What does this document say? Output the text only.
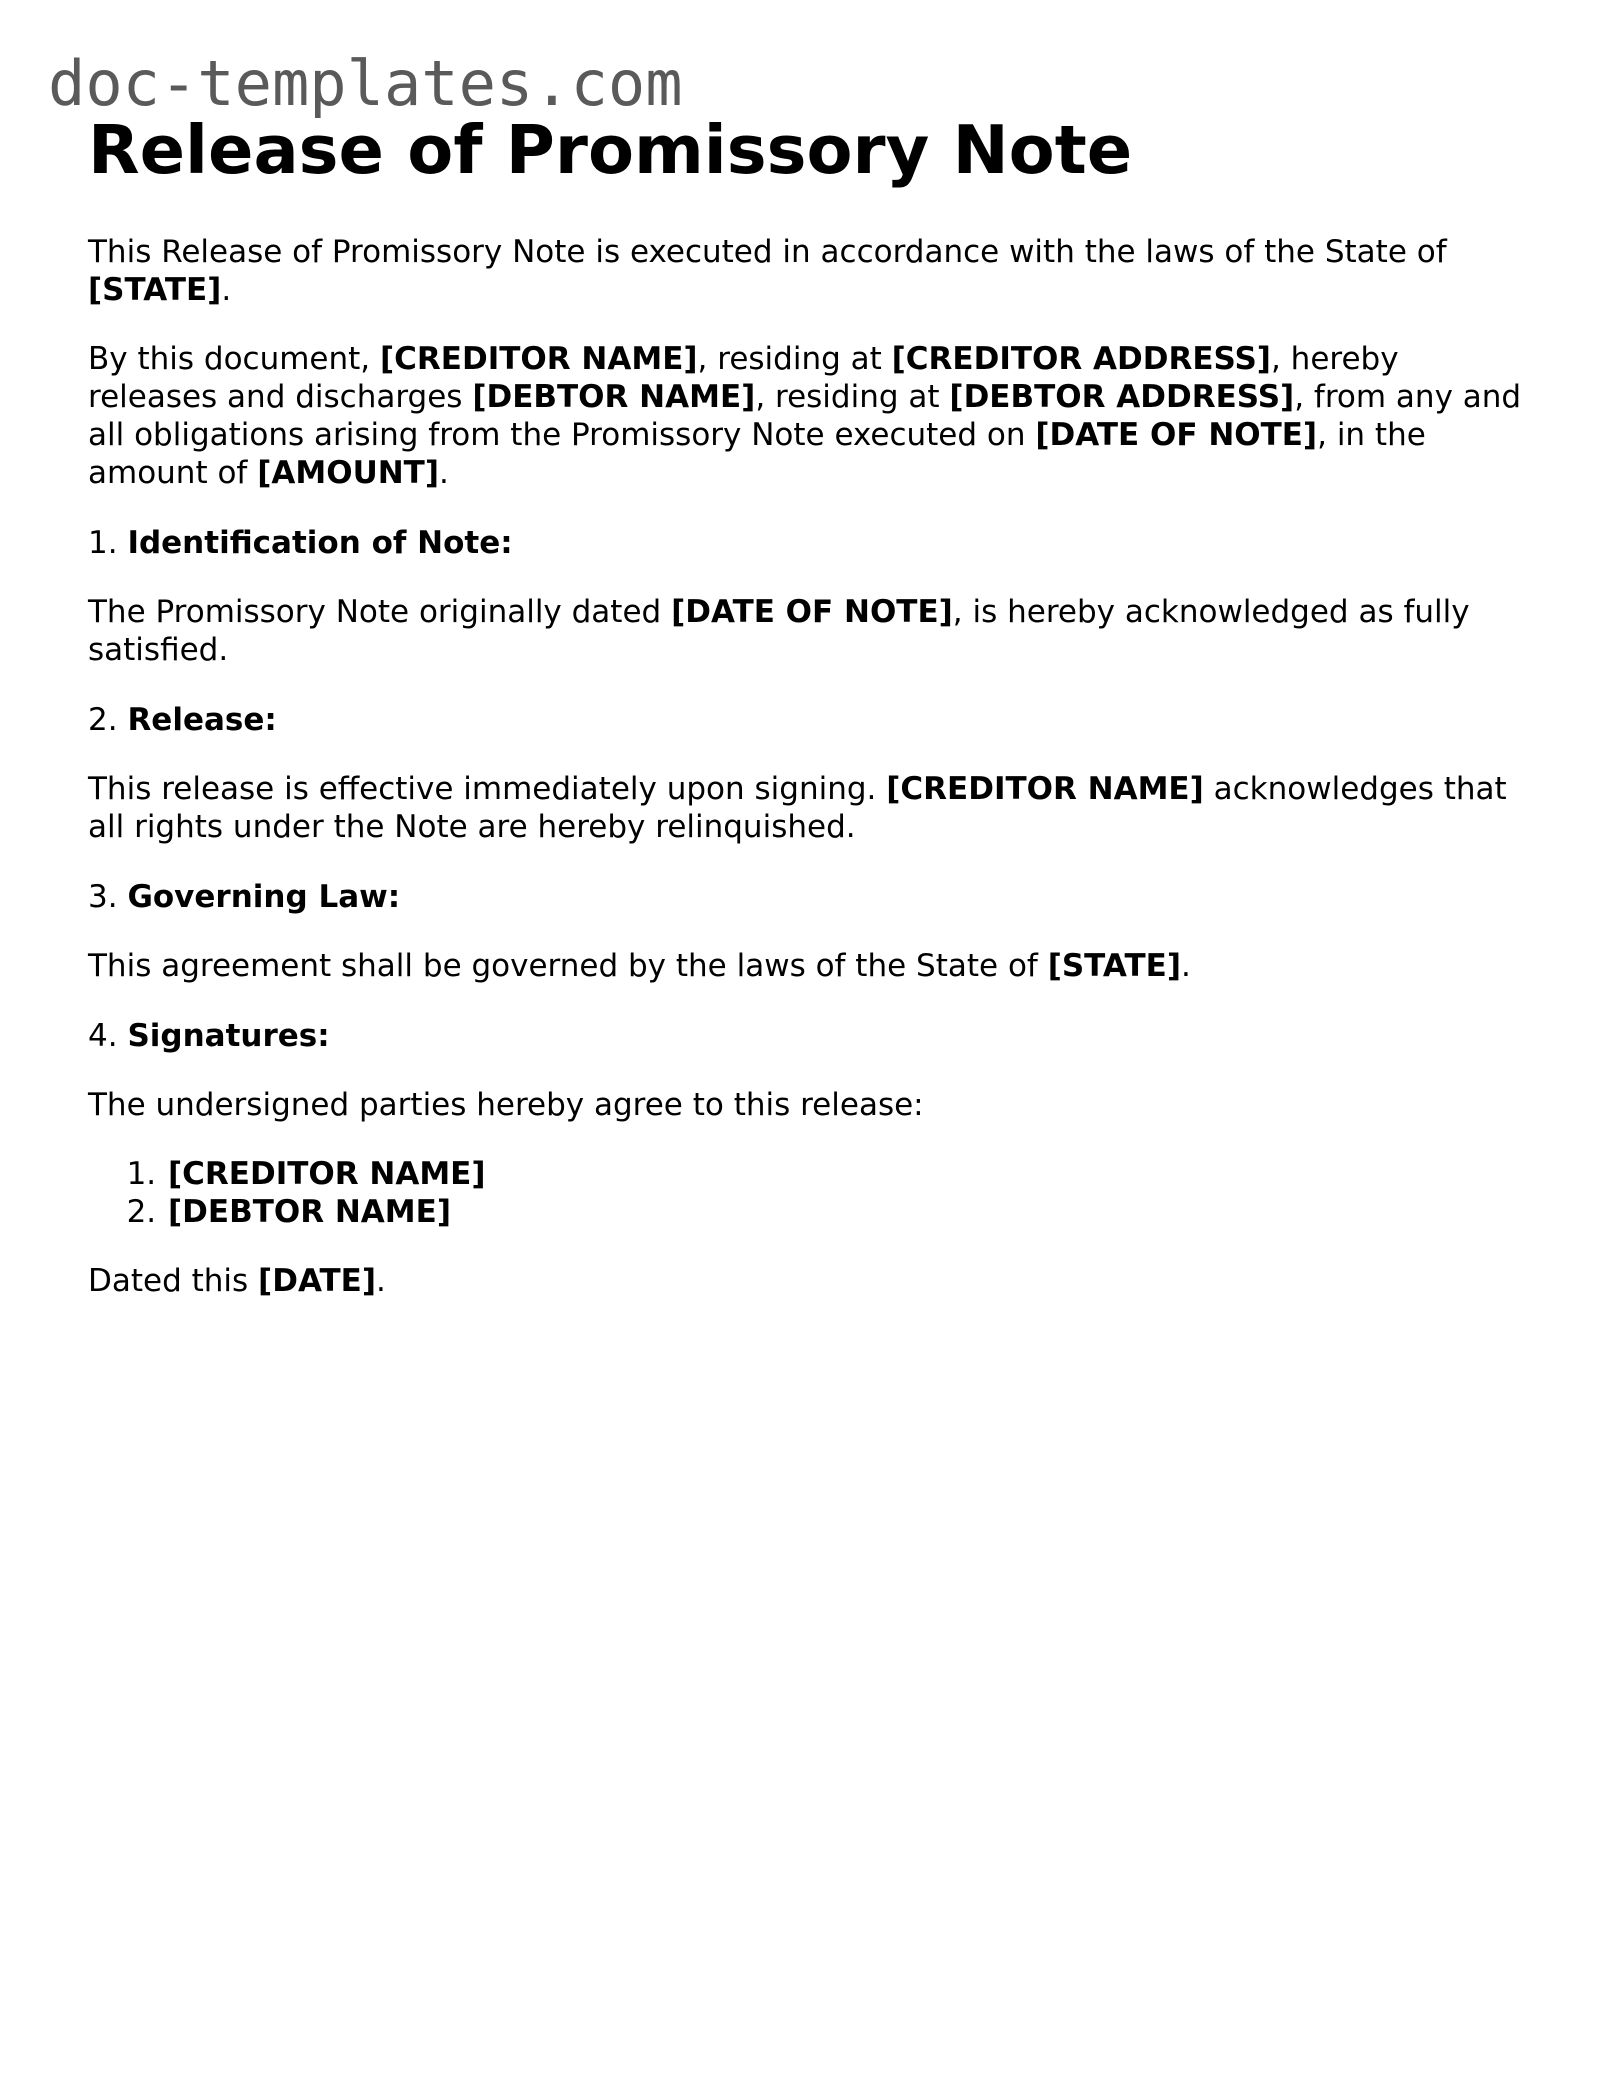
doc-templates.com
Release of Promissory Note

This Release of Promissory Note is executed in accordance with the laws of the State of [STATE].

By this document, [CREDITOR NAME], residing at [CREDITOR ADDRESS], hereby releases and discharges [DEBTOR NAME], residing at [DEBTOR ADDRESS], from any and all obligations arising from the Promissory Note executed on [DATE OF NOTE], in the amount of [AMOUNT].

1. Identification of Note:

The Promissory Note originally dated [DATE OF NOTE], is hereby acknowledged as fully satisfied.

2. Release:

This release is effective immediately upon signing. [CREDITOR NAME] acknowledges that all rights under the Note are hereby relinquished.

3. Governing Law:

This agreement shall be governed by the laws of the State of [STATE].

4. Signatures:

The undersigned parties hereby agree to this release:

1. [CREDITOR NAME]
2. [DEBTOR NAME]

Dated this [DATE].
